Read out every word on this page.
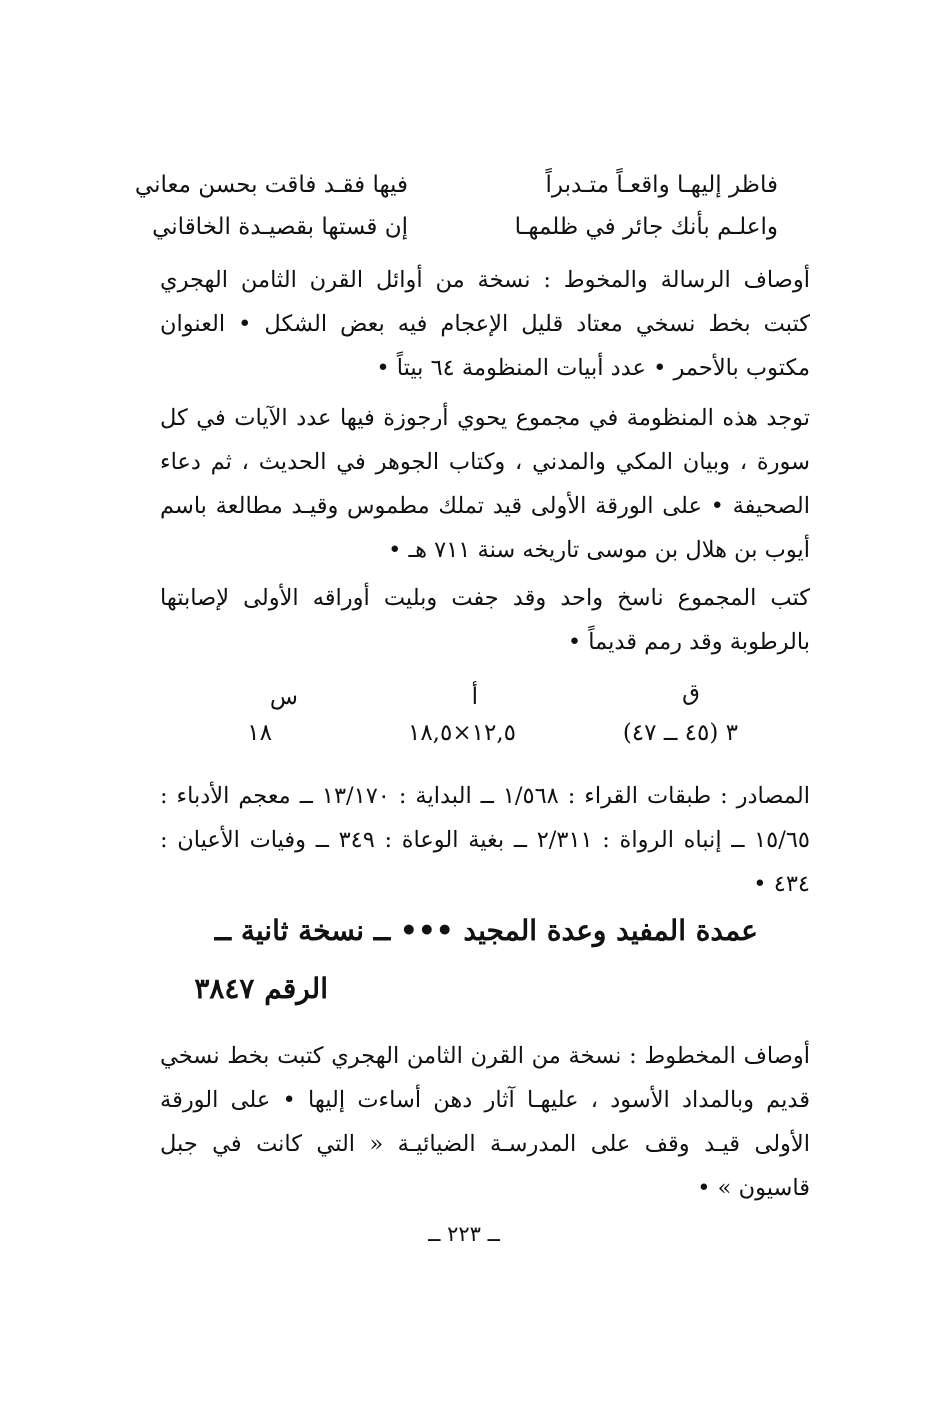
فاظر إليهـا واقعـاً متـدبراً
فيها فقـد فاقت بحسن معاني
واعلـم بأنك جائر في ظلمهـا
إن قستها بقصيـدة الخاقاني
أوصاف الرسالة والمخوط : نسخة من أوائل القرن الثامن الهجري كتبت بخط نسخي معتاد قليل الإعجام فيه بعض الشكل • العنوان مكتوب بالأحمر • عدد أبيات المنظومة ٦٤ بيتاً •
توجد هذه المنظومة في مجموع يحوي أرجوزة فيها عدد الآيات في كل سورة ، وبيان المكي والمدني ، وكتاب الجوهر في الحديث ، ثم دعاء الصحيفة • على الورقة الأولى قيد تملك مطموس وقيـد مطالعة باسم أيوب بن هلال بن موسى تاريخه سنة ٧١١ هـ •
كتب المجموع ناسخ واحد وقد جفت وبليت أوراقه الأولى لإصابتها بالرطوبة وقد رمم قديماً •
ق
أ
س
٣ (٤٥ ــ ٤٧)
١٢,٥×١٨,٥
١٨
المصادر : طبقات القراء : ١/٥٦٨ ــ البداية : ١٣/١٧٠ ــ معجم الأدباء : ١٥/٦٥ ــ إنباه الرواة : ٢/٣١١ ــ بغية الوعاة : ٣٤٩ ــ وفيات الأعيان : ٤٣٤ •
عمدة المفيد وعدة المجيد ••• ــ نسخة ثانية ــ
الرقم ٣٨٤٧
أوصاف المخطوط : نسخة من القرن الثامن الهجري كتبت بخط نسخي قديم وبالمداد الأسود ، عليهـا آثار دهن أساءت إليها • على الورقة الأولى قيـد وقف على المدرسـة الضيائيـة « التي كانت في جبل قاسيون » •
ــ ٢٢٣ ــ
